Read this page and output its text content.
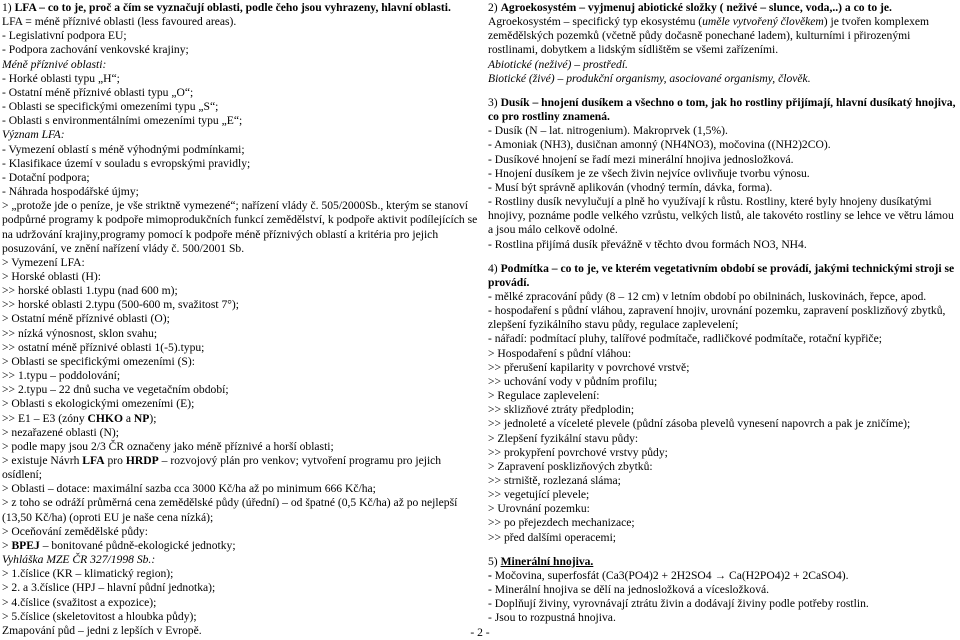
1) LFA – co to je, proč a čím se vyznačují oblasti, podle čeho jsou vyhrazeny, hlavní oblasti.
LFA = méně příznivé oblasti (less favoured areas).
- Legislativní podpora EU;
- Podpora zachování venkovské krajiny;
Méně příznivé oblasti:
- Horké oblasti typu „H“;
- Ostatní méně příznivé oblasti typu „O“;
- Oblasti se specifickými omezeními typu „S“;
- Oblasti s environmentálními omezeními typu „E“;
Význam LFA:
- Vymezení oblastí s méně výhodnými podmínkami;
- Klasifikace území v souladu s evropskými pravidly;
- Dotační podpora;
- Náhrada hospodářské újmy;
> „protože jde o peníze, je vše striktně vymezené“; nařízení vlády č. 505/2000Sb., kterým se stanoví podpůrné programy k podpoře mimoprodukčních funkcí zemědělství, k podpoře aktivit podílejících se na udržování krajiny,programy pomocí k podpoře méně příznivých oblastí a kritéria pro jejich posuzování, ve znění nařízení vlády č. 500/2001 Sb.
> Vymezení LFA:
> Horské oblasti (H):
>> horské oblasti 1.typu (nad 600 m);
>> horské oblasti 2.typu (500-600 m, svažitost 7°);
> Ostatní méně příznivé oblasti (O);
>> nízká výnosnost, sklon svahu;
>> ostatní méně příznivé oblasti 1(-5).typu;
> Oblasti se specifickými omezeními (S):
>> 1.typu – poddolování;
>> 2.typu – 22 dnů sucha ve vegetačním období;
> Oblasti s ekologickými omezeními (E);
>> E1 – E3 (zóny CHKO a NP);
> nezařazené oblasti (N);
> podle mapy jsou 2/3 ČR označeny jako méně příznivé a horší oblasti;
> existuje Návrh LFA pro HRDP – rozvojový plán pro venkov; vytvoření programu pro jejich osídlení;
> Oblasti – dotace: maximální sazba cca 3000 Kč/ha až po minimum 666 Kč/ha;
> z toho se odráží průměrná cena zemědělské půdy (úřední) – od špatné (0,5 Kč/ha) až po nejlepší (13,50 Kč/ha) (oproti EU je naše cena nízká);
> Oceňování zemědělské půdy:
> BPEJ – bonitované půdně-ekologické jednotky;
Vyhláška MZE ČR 327/1998 Sb.:
> 1.číslice (KR – klimatický region);
> 2. a 3.číslice (HPJ – hlavní půdní jednotka);
> 4.číslice (svažitost a expozice);
> 5.číslice (skeletovitost a hloubka půdy);
Zmapování půd – jedni z lepších v Evropě.
2) Agroekosystém – vyjmenuj abiotické složky ( neživé – slunce, voda,..) a co to je.
Agroekosystém – specifický typ ekosystému (uměle vytvořený člověkem) je tvořen komplexem zemědělských pozemků (včetně půdy dočasně ponechané ladem), kulturními i přirozenými rostlinami, dobytkem a lidským sídlištěm se všemi zařízeními.
Abiotické (neživé) – prostředí.
Biotické (živé) – produkční organismy, asociované organismy, člověk.
3) Dusík – hnojení dusíkem a všechno o tom, jak ho rostliny přijímají, hlavní dusíkatý hnojiva, co pro rostliny znamená.
- Dusík (N – lat. nitrogenium). Makroprvek (1,5%).
- Amoniak (NH3), dusičnan amonný (NH4NO3), močovina ((NH2)2CO).
- Dusíkové hnojení se řadí mezi minerální hnojiva jednosložková.
- Hnojení dusíkem je ze všech živin nejvíce ovlivňuje tvorbu výnosu.
- Musí být správně aplikován (vhodný termín, dávka, forma).
- Rostliny dusík nevylučují a plně ho využívají k růstu. Rostliny, které byly hnojeny dusíkatými hnojivy, poznáme podle velkého vzrůstu, velkých listů, ale takovéto rostliny se lehce ve větru lámou a jsou málo celkově odolné.
- Rostlina přijímá dusík převážně v těchto dvou formách NO3, NH4.
4) Podmítka – co to je, ve kterém vegetativním období se provádí, jakými technickými stroji se provádí.
- mělké zpracování půdy (8 – 12 cm) v letním období po obilninách, luskovinách, řepce, apod.
- hospodaření s půdní vláhou, zapravení hnojiv, urovnání pozemku, zapravení posklizňový zbytků, zlepšení fyzikálního stavu půdy, regulace zaplevelení;
- nářadí: podmítací pluhy, talířové podmítače, radličkové podmítače, rotační kypřiče;
> Hospodaření s půdní vláhou:
>> přerušení kapilarity v povrchové vrstvě;
>> uchování vody v půdním profilu;
> Regulace zaplevelení:
>> sklizňové ztráty předplodin;
>> jednoleté a víceleté plevele (půdní zásoba plevelů vynesení napovrch a pak je zničíme);
> Zlepšení fyzikální stavu půdy:
>> prokypření povrchové vrstvy půdy;
> Zapravení posklizňových zbytků:
>> strniště, rozlezaná sláma;
>> vegetující plevele;
> Urovnání pozemku:
>> po přejezdech mechanizace;
>> před dalšími operacemi;
5) Minerální hnojiva.
- Močovina, superfosfát (Ca3(PO4)2 + 2H2SO4 → Ca(H2PO4)2 + 2CaSO4).
- Minerální hnojiva se dělí na jednosložková a vícesložková.
- Doplňují živiny, vyrovnávají ztrátu živin a dodávají živiny podle potřeby rostlin.
- Jsou to rozpustná hnojiva.
- 2 -
